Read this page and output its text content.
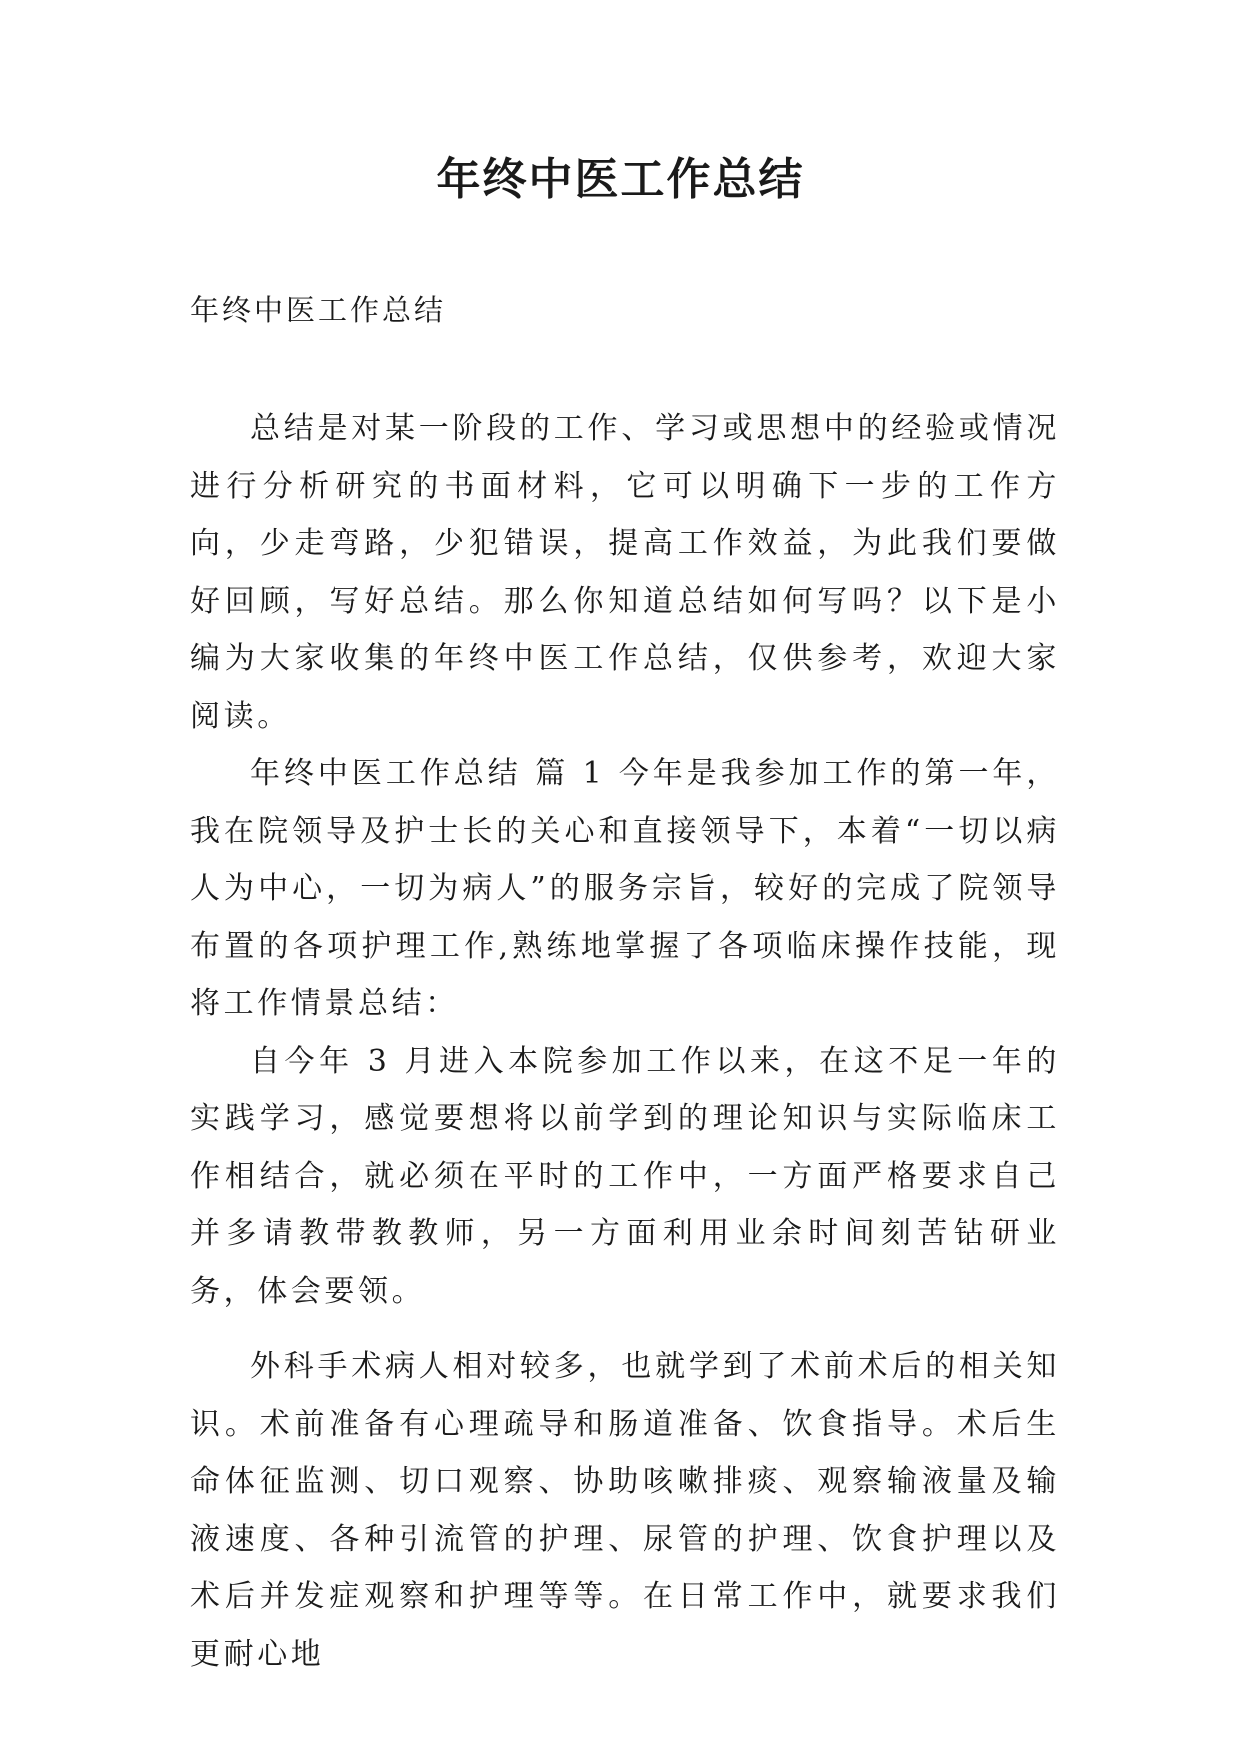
年终中医工作总结

年终中医工作总结

总结是对某一阶段的工作、学习或思想中的经验或情况进行分析研究的书面材料，它可以明确下一步的工作方向，少走弯路，少犯错误，提高工作效益，为此我们要做好回顾，写好总结。那么你知道总结如何写吗？以下是小编为大家收集的年终中医工作总结，仅供参考，欢迎大家阅读。

年终中医工作总结 篇 1 今年是我参加工作的第一年，我在院领导及护士长的关心和直接领导下，本着“一切以病人为中心，一切为病人”的服务宗旨，较好的完成了院领导布置的各项护理工作,熟练地掌握了各项临床操作技能，现将工作情景总结：

自今年 3 月进入本院参加工作以来，在这不足一年的实践学习，感觉要想将以前学到的理论知识与实际临床工作相结合，就必须在平时的工作中，一方面严格要求自己并多请教带教教师，另一方面利用业余时间刻苦钻研业务，体会要领。

外科手术病人相对较多，也就学到了术前术后的相关知识。术前准备有心理疏导和肠道准备、饮食指导。术后生命体征监测、切口观察、协助咳嗽排痰、观察输液量及输液速度、各种引流管的护理、尿管的护理、饮食护理以及术后并发症观察和护理等等。在日常工作中，就要求我们更耐心地
